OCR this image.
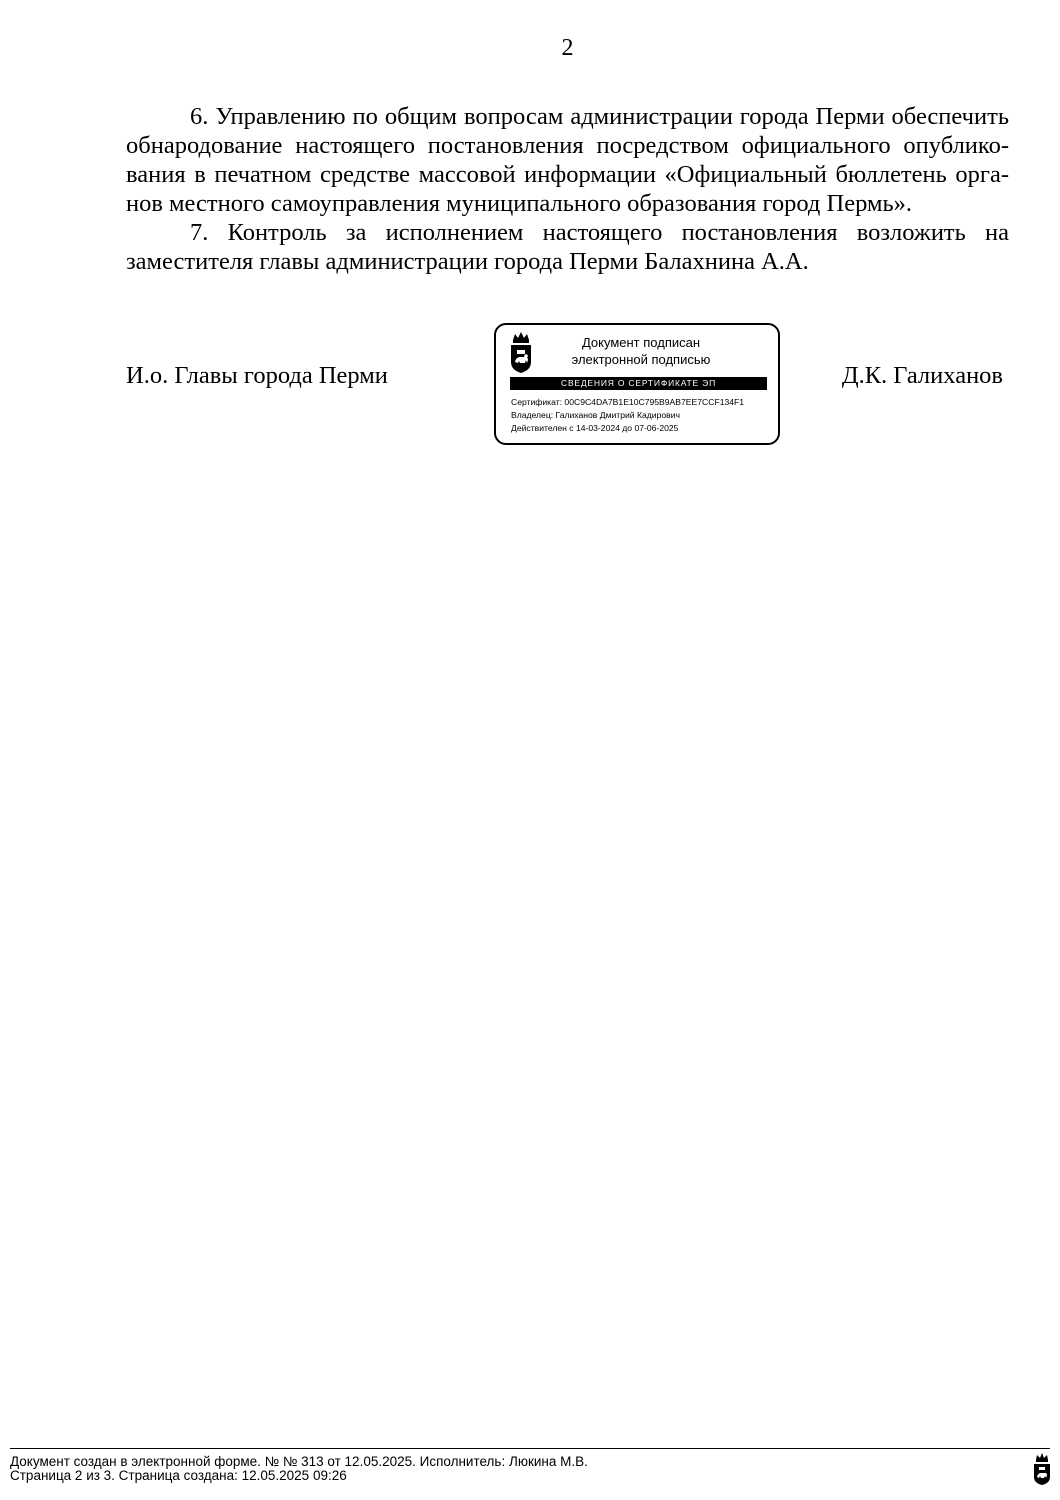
2

6. Управлению по общим вопросам администрации города Перми обеспечить обнародование настоящего постановления посредством официального опубликования в печатном средстве массовой информации «Официальный бюллетень органов местного самоуправления муниципального образования город Пермь».

7. Контроль за исполнением настоящего постановления возложить на заместителя главы администрации города Перми Балахнина А.А.

И.о. Главы города Перми
Документ подписан
электронной подписью
СВЕДЕНИЯ О СЕРТИФИКАТЕ ЭП
Сертификат: 00C9C4DA7B1E10C795B9AB7EE7CCF134F1
Владелец: Галиханов Дмитрий Кадирович
Действителен с 14-03-2024 до 07-06-2025
Д.К. Галиханов
Документ создан в электронной форме. № № 313 от 12.05.2025. Исполнитель: Люкина М.В.
Страница 2 из 3. Страница создана: 12.05.2025 09:26
